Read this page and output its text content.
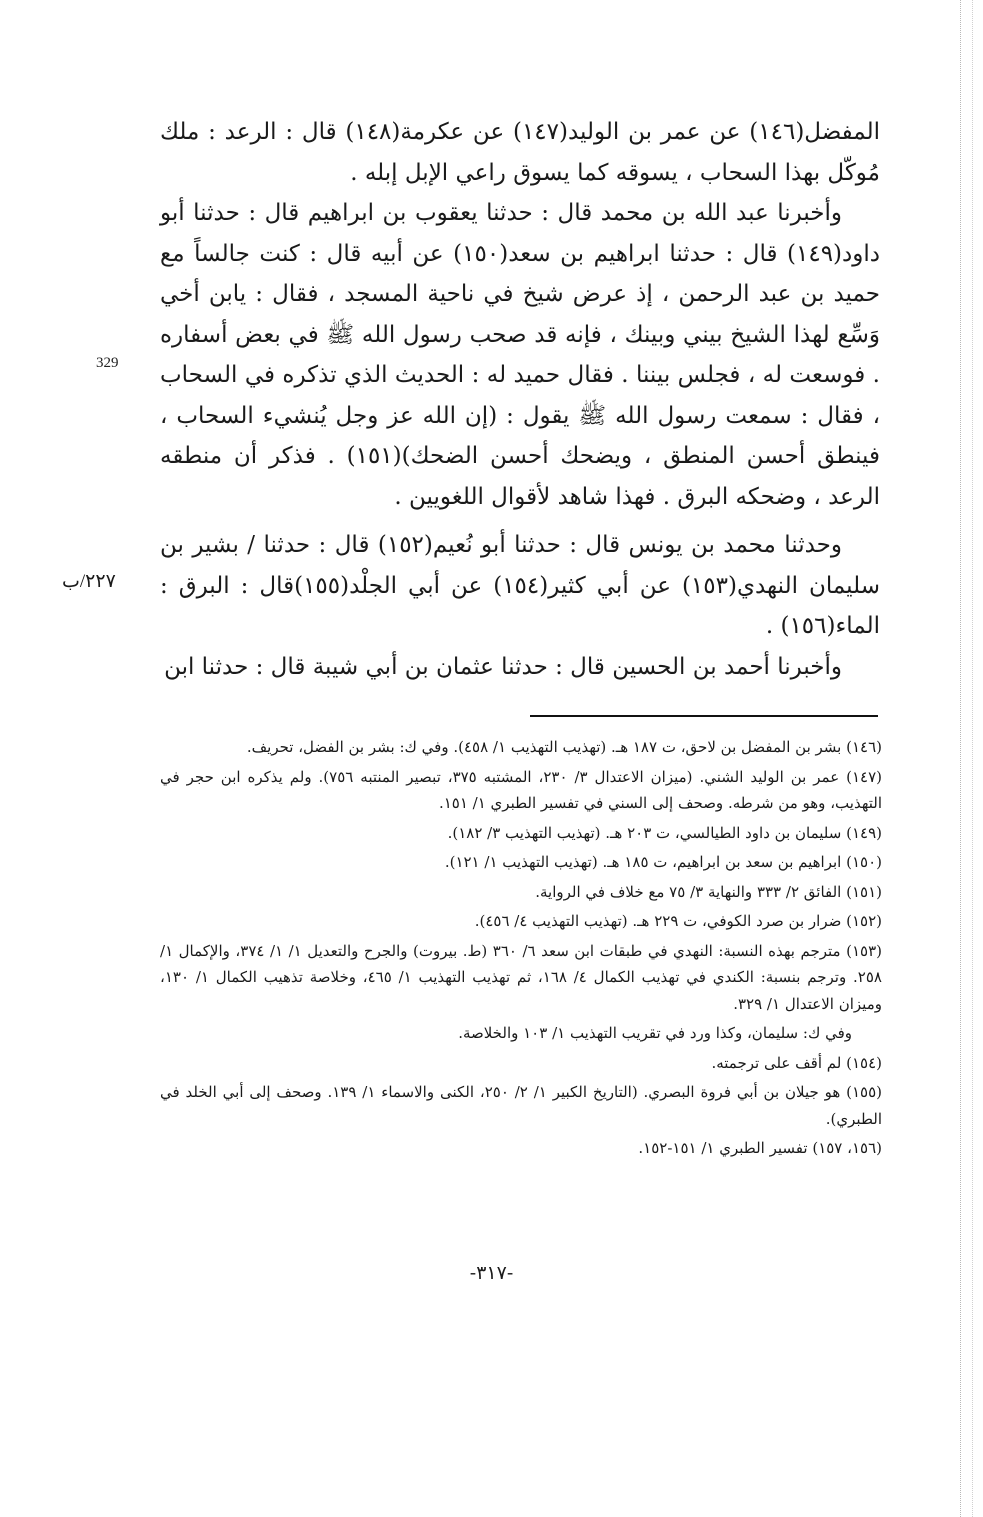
المفضل(١٤٦) عن عمر بن الوليد(١٤٧) عن عكرمة(١٤٨) قال : الرعد : ملك مُوكّل بهذا السحاب ، يسوقه كما يسوق راعي الإبل إبله .

وأخبرنا عبد الله بن محمد قال : حدثنا يعقوب بن ابراهيم قال : حدثنا أبو داود(١٤٩) قال : حدثنا ابراهيم بن سعد(١٥٠) عن أبيه قال : كنت جالساً مع حميد بن عبد الرحمن ، إذ عرض شيخ في ناحية المسجد ، فقال : يابن أخي وَسِّع لهذا الشيخ بيني وبينك ، فإنه قد صحب رسول الله ﷺ في بعض أسفاره . فوسعت له ، فجلس بيننا . فقال حميد له : الحديث الذي تذكره في السحاب ، فقال : سمعت رسول الله ﷺ يقول : (إن الله عز وجل يُنشيء السحاب ، فينطق أحسن المنطق ، ويضحك أحسن الضحك)(١٥١) . فذكر أن منطقه الرعد ، وضحكه البرق . فهذا شاهد لأقوال اللغويين .

وحدثنا محمد بن يونس قال : حدثنا أبو نُعيم(١٥٢) قال : حدثنا / بشير بن سليمان النهدي(١٥٣) عن أبي كثير(١٥٤) عن أبي الجلْد(١٥٥)قال : البرق : الماء(١٥٦) .

وأخبرنا أحمد بن الحسين قال : حدثنا عثمان بن أبي شيبة قال : حدثنا ابن

329
٢٢٧/ب

(١٤٦) بشر بن المفضل بن لاحق، ت ١٨٧ هـ. (تهذيب التهذيب ١/ ٤٥٨). وفي ك: بشر بن الفضل، تحريف.

(١٤٧) عمر بن الوليد الشني. (ميزان الاعتدال ٣/ ٢٣٠، المشتبه ٣٧٥، تبصير المنتبه ٧٥٦). ولم يذكره ابن حجر في التهذيب، وهو من شرطه. وصحف إلى السني في تفسير الطبري ١/ ١٥١.

(١٤٩) سليمان بن داود الطيالسي، ت ٢٠٣ هـ. (تهذيب التهذيب ٣/ ١٨٢).

(١٥٠) ابراهيم بن سعد بن ابراهيم، ت ١٨٥ هـ. (تهذيب التهذيب ١/ ١٢١).

(١٥١) الفائق ٢/ ٣٣٣ والنهاية ٣/ ٧٥ مع خلاف في الرواية.

(١٥٢) ضرار بن صرد الكوفي، ت ٢٢٩ هـ. (تهذيب التهذيب ٤/ ٤٥٦).

(١٥٣) مترجم بهذه النسبة: النهدي في طبقات ابن سعد ٦/ ٣٦٠ (ط. بيروت) والجرح والتعديل ١/ ١/ ٣٧٤، والإكمال ١/ ٢٥٨. وترجم بنسبة: الكندي في تهذيب الكمال ٤/ ١٦٨، ثم تهذيب التهذيب ١/ ٤٦٥، وخلاصة تذهيب الكمال ١/ ١٣٠، وميزان الاعتدال ١/ ٣٢٩.

وفي ك: سليمان، وكذا ورد في تقريب التهذيب ١/ ١٠٣ والخلاصة.

(١٥٤) لم أقف على ترجمته.

(١٥٥) هو جيلان بن أبي فروة البصري. (التاريخ الكبير ١/ ٢/ ٢٥٠، الكنى والاسماء ١/ ١٣٩. وصحف إلى أبي الخلد في الطبري).

(١٥٦، ١٥٧) تفسير الطبري ١/ ١٥١-١٥٢.

-٣١٧-
